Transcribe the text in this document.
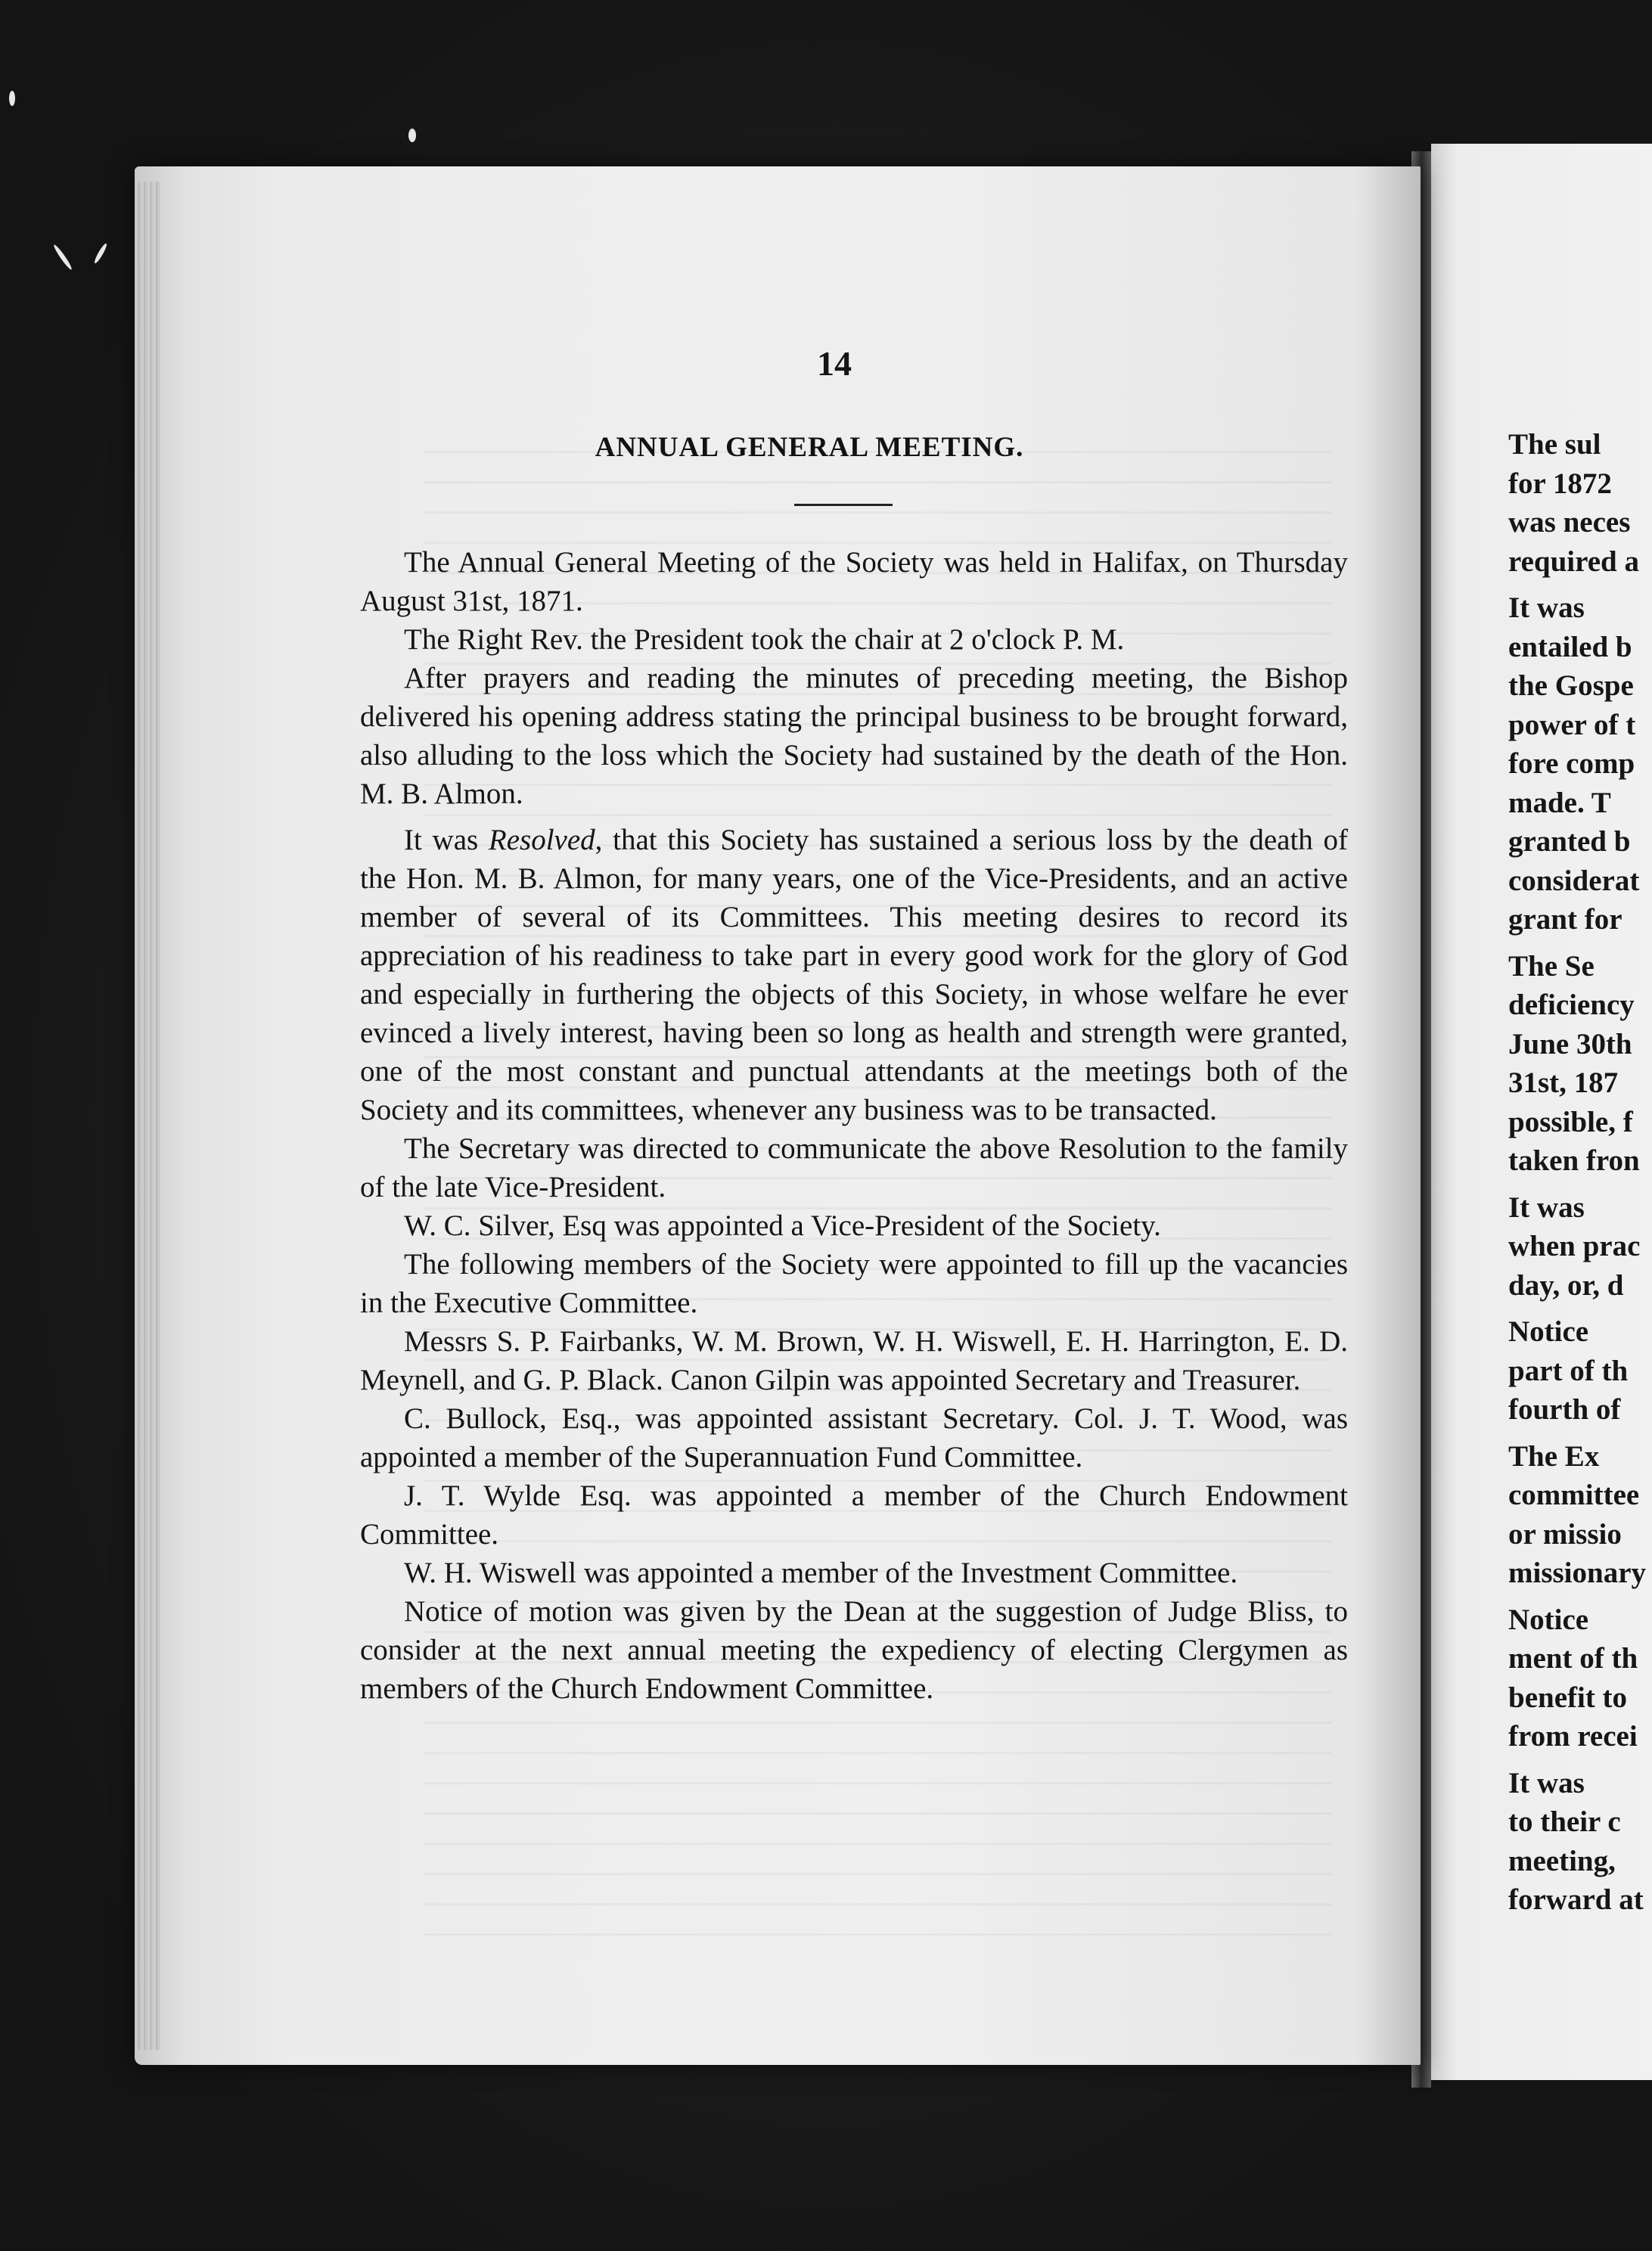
The sul
for 1872
was neces
required a
It was
entailed b
the Gospe
power of t
fore comp
made. T
granted b
considerat
grant for
The Se
deficiency
June 30th
31st, 187
possible, f
taken fron
It was
when prac
day, or, d
Notice
part of th
fourth of
The Ex
committee
or missio
missionary
Notice
ment of th
benefit to
from recei
It was
to their c
meeting,
forward at
14
ANNUAL GENERAL MEETING.

The Annual General Meeting of the Society was held in Halifax, on Thursday August 31st, 1871.

The Right Rev. the President took the chair at 2 o'clock P. M.

After prayers and reading the minutes of preceding meeting, the Bishop delivered his opening address stating the principal business to be brought forward, also alluding to the loss which the Society had sustained by the death of the Hon. M. B. Almon.

It was Resolved, that this Society has sustained a serious loss by the death of the Hon. M. B. Almon, for many years, one of the Vice-Presidents, and an active member of several of its Committees. This meeting desires to record its appreciation of his readiness to take part in every good work for the glory of God and especially in furthering the objects of this Society, in whose welfare he ever evinced a lively interest, having been so long as health and strength were granted, one of the most constant and punctual attendants at the meetings both of the Society and its committees, whenever any business was to be transacted.

The Secretary was directed to communicate the above Resolution to the family of the late Vice-President.

W. C. Silver, Esq was appointed a Vice-President of the Society.

The following members of the Society were appointed to fill up the vacancies in the Executive Committee.

Messrs S. P. Fairbanks, W. M. Brown, W. H. Wiswell, E. H. Harrington, E. D. Meynell, and G. P. Black. Canon Gilpin was appointed Secretary and Treasurer.

C. Bullock, Esq., was appointed assistant Secretary. Col. J. T. Wood, was appointed a member of the Superannuation Fund Committee.

J. T. Wylde Esq. was appointed a member of the Church Endowment Committee.

W. H. Wiswell was appointed a member of the Investment Committee.

Notice of motion was given by the Dean at the suggestion of Judge Bliss, to consider at the next annual meeting the expediency of electing Clergymen as members of the Church Endowment Committee.
